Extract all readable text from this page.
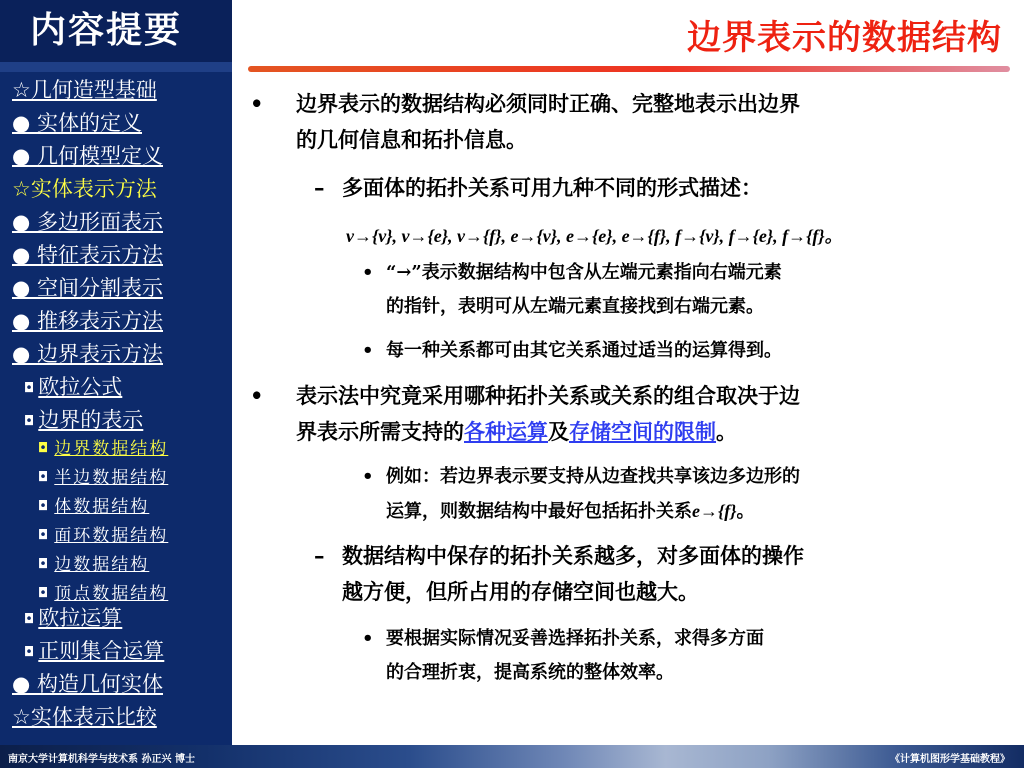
内容提要
☆几何造型基础
● 实体的定义
● 几何模型定义
☆实体表示方法
● 多边形面表示
● 特征表示方法
● 空间分割表示
● 推移表示方法
● 边界表示方法
◘ 欧拉公式
◘ 边界的表示
◘ 边界数据结构
◘ 半边数据结构
◘ 体数据结构
◘ 面环数据结构
◘ 边数据结构
◘ 顶点数据结构
◘ 欧拉运算
◘ 正则集合运算
● 构造几何实体
☆实体表示比较
边界表示的数据结构
• 边界表示的数据结构必须同时正确、完整地表示出边界
的几何信息和拓扑信息。
– 多面体的拓扑关系可用九种不同的形式描述：
v→{v}, v→{e}, v→{f}, e→{v}, e→{e}, e→{f}, f→{v}, f→{e}, f→{f}。
• “→”表示数据结构中包含从左端元素指向右端元素
的指针，表明可从左端元素直接找到右端元素。
• 每一种关系都可由其它关系通过适当的运算得到。
• 表示法中究竟采用哪种拓扑关系或关系的组合取决于边
界表示所需支持的各种运算及存储空间的限制。
• 例如：若边界表示要支持从边查找共享该边多边形的
运算，则数据结构中最好包括拓扑关系e→{f}。
– 数据结构中保存的拓扑关系越多，对多面体的操作
越方便，但所占用的存储空间也越大。
• 要根据实际情况妥善选择拓扑关系，求得多方面
的合理折衷，提高系统的整体效率。
南京大学计算机科学与技术系 孙正兴 博士	《计算机图形学基础教程》
